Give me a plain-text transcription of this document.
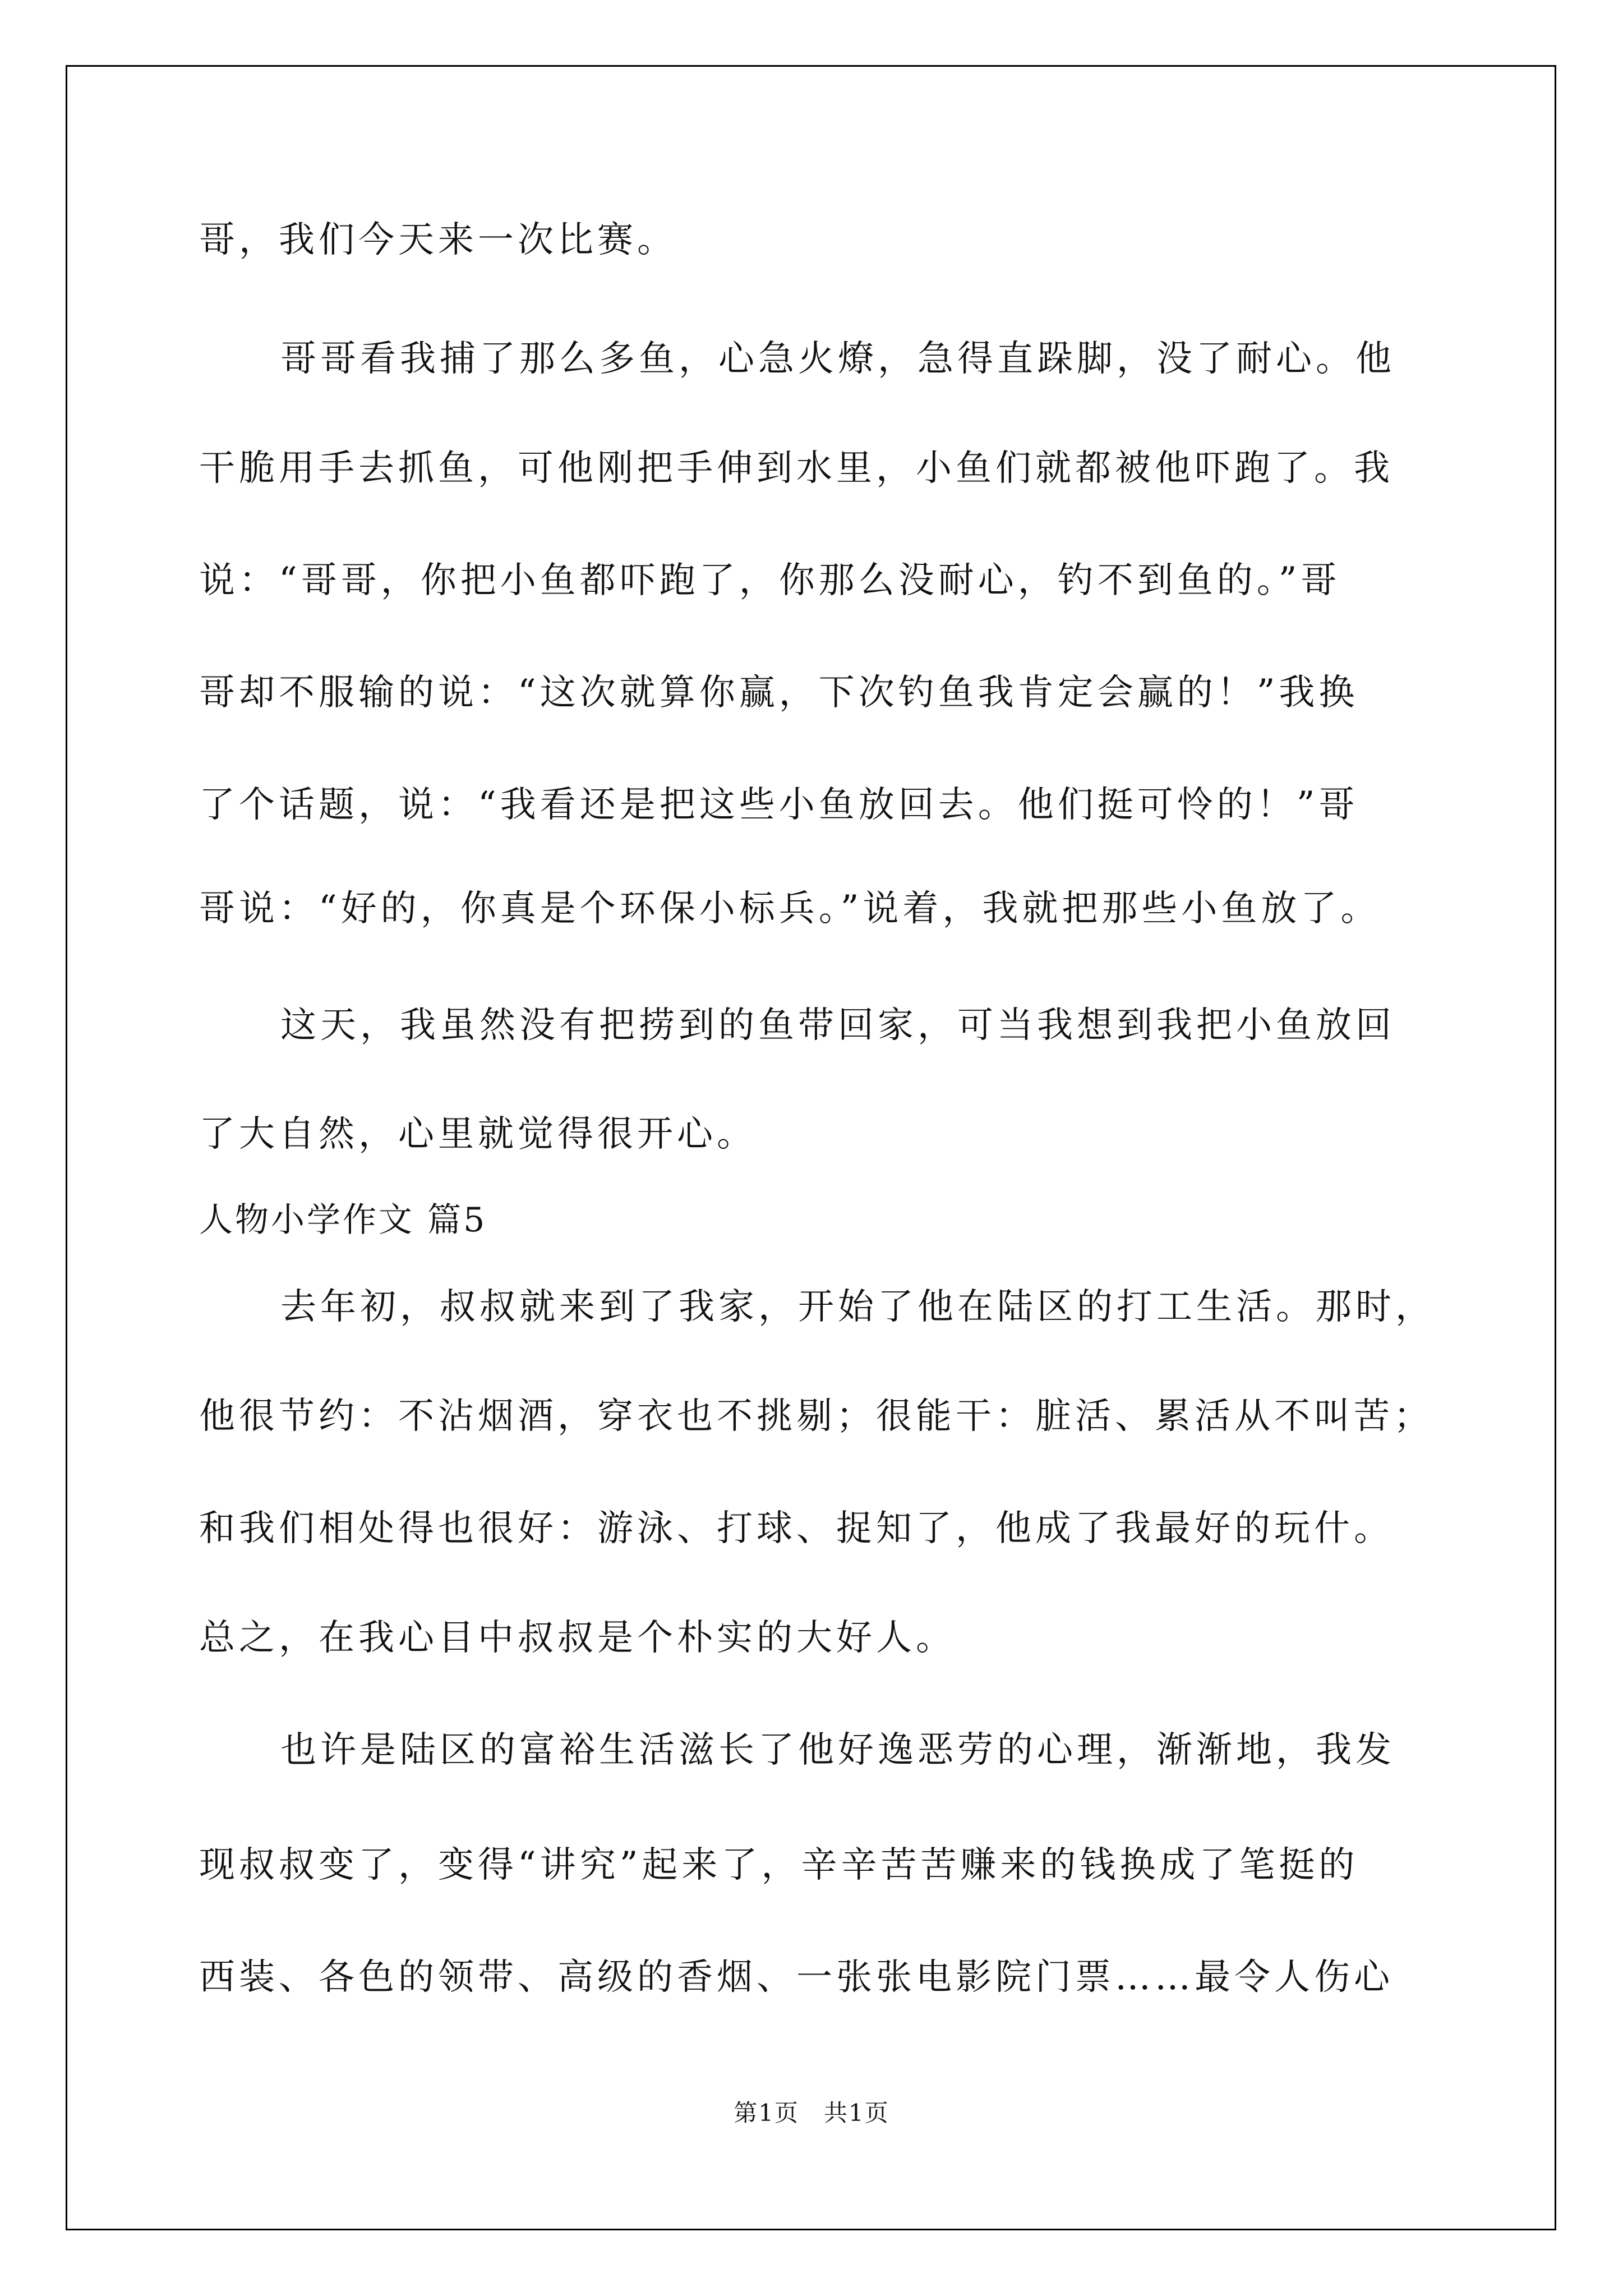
哥，我们今天来一次比赛。
哥哥看我捕了那么多鱼，心急火燎，急得直跺脚，没了耐心。他
干脆用手去抓鱼，可他刚把手伸到水里，小鱼们就都被他吓跑了。我
说：“哥哥，你把小鱼都吓跑了，你那么没耐心，钓不到鱼的。”哥
哥却不服输的说：“这次就算你赢，下次钓鱼我肯定会赢的！”我换
了个话题，说：“我看还是把这些小鱼放回去。他们挺可怜的！”哥
哥说：“好的，你真是个环保小标兵。”说着，我就把那些小鱼放了。
这天，我虽然没有把捞到的鱼带回家，可当我想到我把小鱼放回
了大自然，心里就觉得很开心。
人物小学作文 篇5
去年初，叔叔就来到了我家，开始了他在陆区的打工生活。那时，
他很节约：不沾烟酒，穿衣也不挑剔；很能干：脏活、累活从不叫苦；
和我们相处得也很好：游泳、打球、捉知了，他成了我最好的玩什。
总之，在我心目中叔叔是个朴实的大好人。
也许是陆区的富裕生活滋长了他好逸恶劳的心理，渐渐地，我发
现叔叔变了，变得“讲究”起来了，辛辛苦苦赚来的钱换成了笔挺的
西装、各色的领带、高级的香烟、一张张电影院门票……最令人伤心
第1页　共1页
